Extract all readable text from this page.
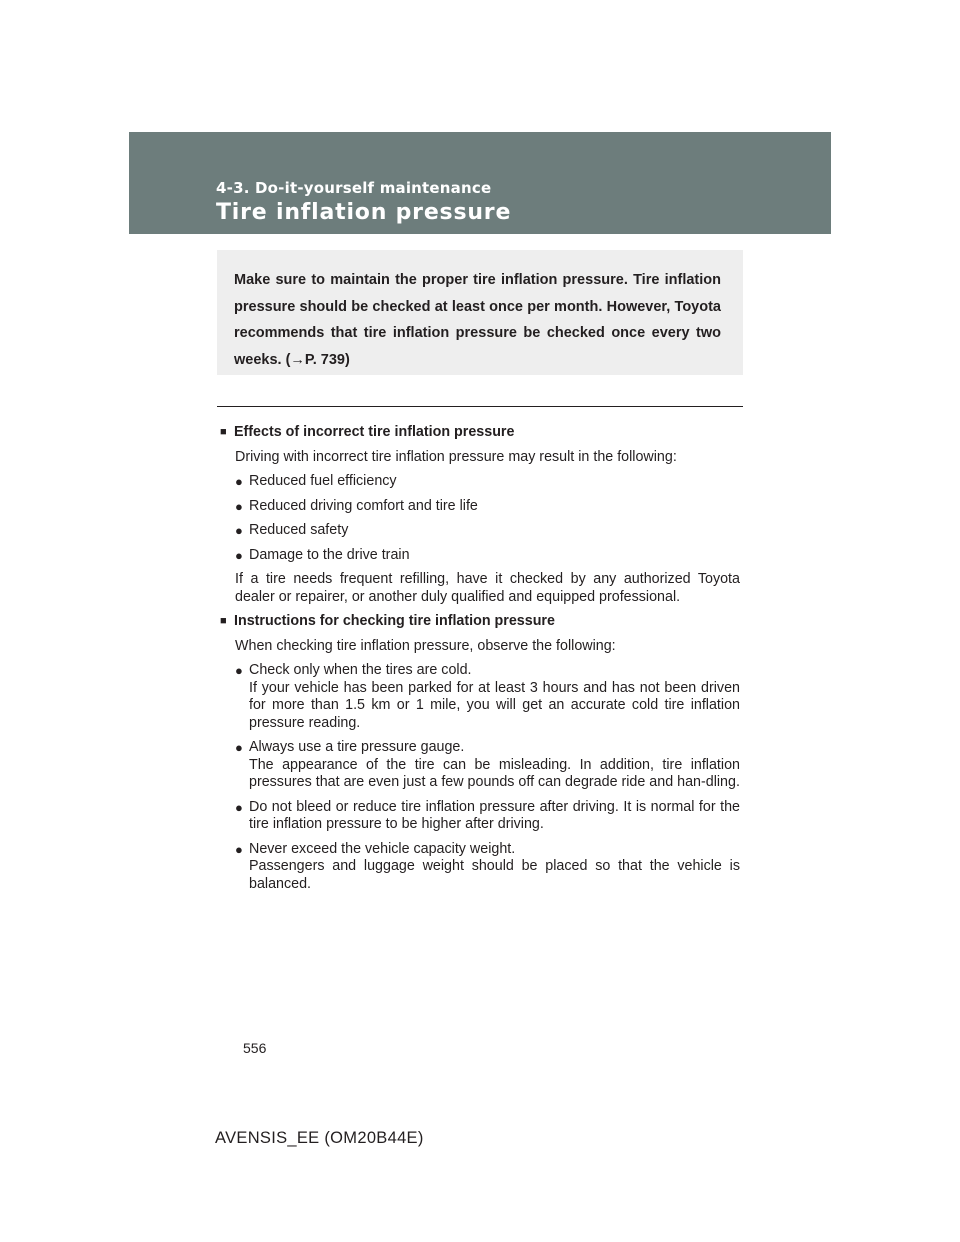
4-3. Do-it-yourself maintenance
Tire inflation pressure

Make sure to maintain the proper tire inflation pressure. Tire inflation pressure should be checked at least once per month. However, Toyota recommends that tire inflation pressure be checked once every two weeks. (→P. 739)

■ Effects of incorrect tire inflation pressure
Driving with incorrect tire inflation pressure may result in the following:
● Reduced fuel efficiency
● Reduced driving comfort and tire life
● Reduced safety
● Damage to the drive train
If a tire needs frequent refilling, have it checked by any authorized Toyota dealer or repairer, or another duly qualified and equipped professional.
■ Instructions for checking tire inflation pressure
When checking tire inflation pressure, observe the following:
● Check only when the tires are cold.
If your vehicle has been parked for at least 3 hours and has not been driven for more than 1.5 km or 1 mile, you will get an accurate cold tire inflation pressure reading.
● Always use a tire pressure gauge.
The appearance of the tire can be misleading. In addition, tire inflation pressures that are even just a few pounds off can degrade ride and han-dling.
● Do not bleed or reduce tire inflation pressure after driving. It is normal for the tire inflation pressure to be higher after driving.
● Never exceed the vehicle capacity weight.
Passengers and luggage weight should be placed so that the vehicle is balanced.
556
AVENSIS_EE (OM20B44E)
